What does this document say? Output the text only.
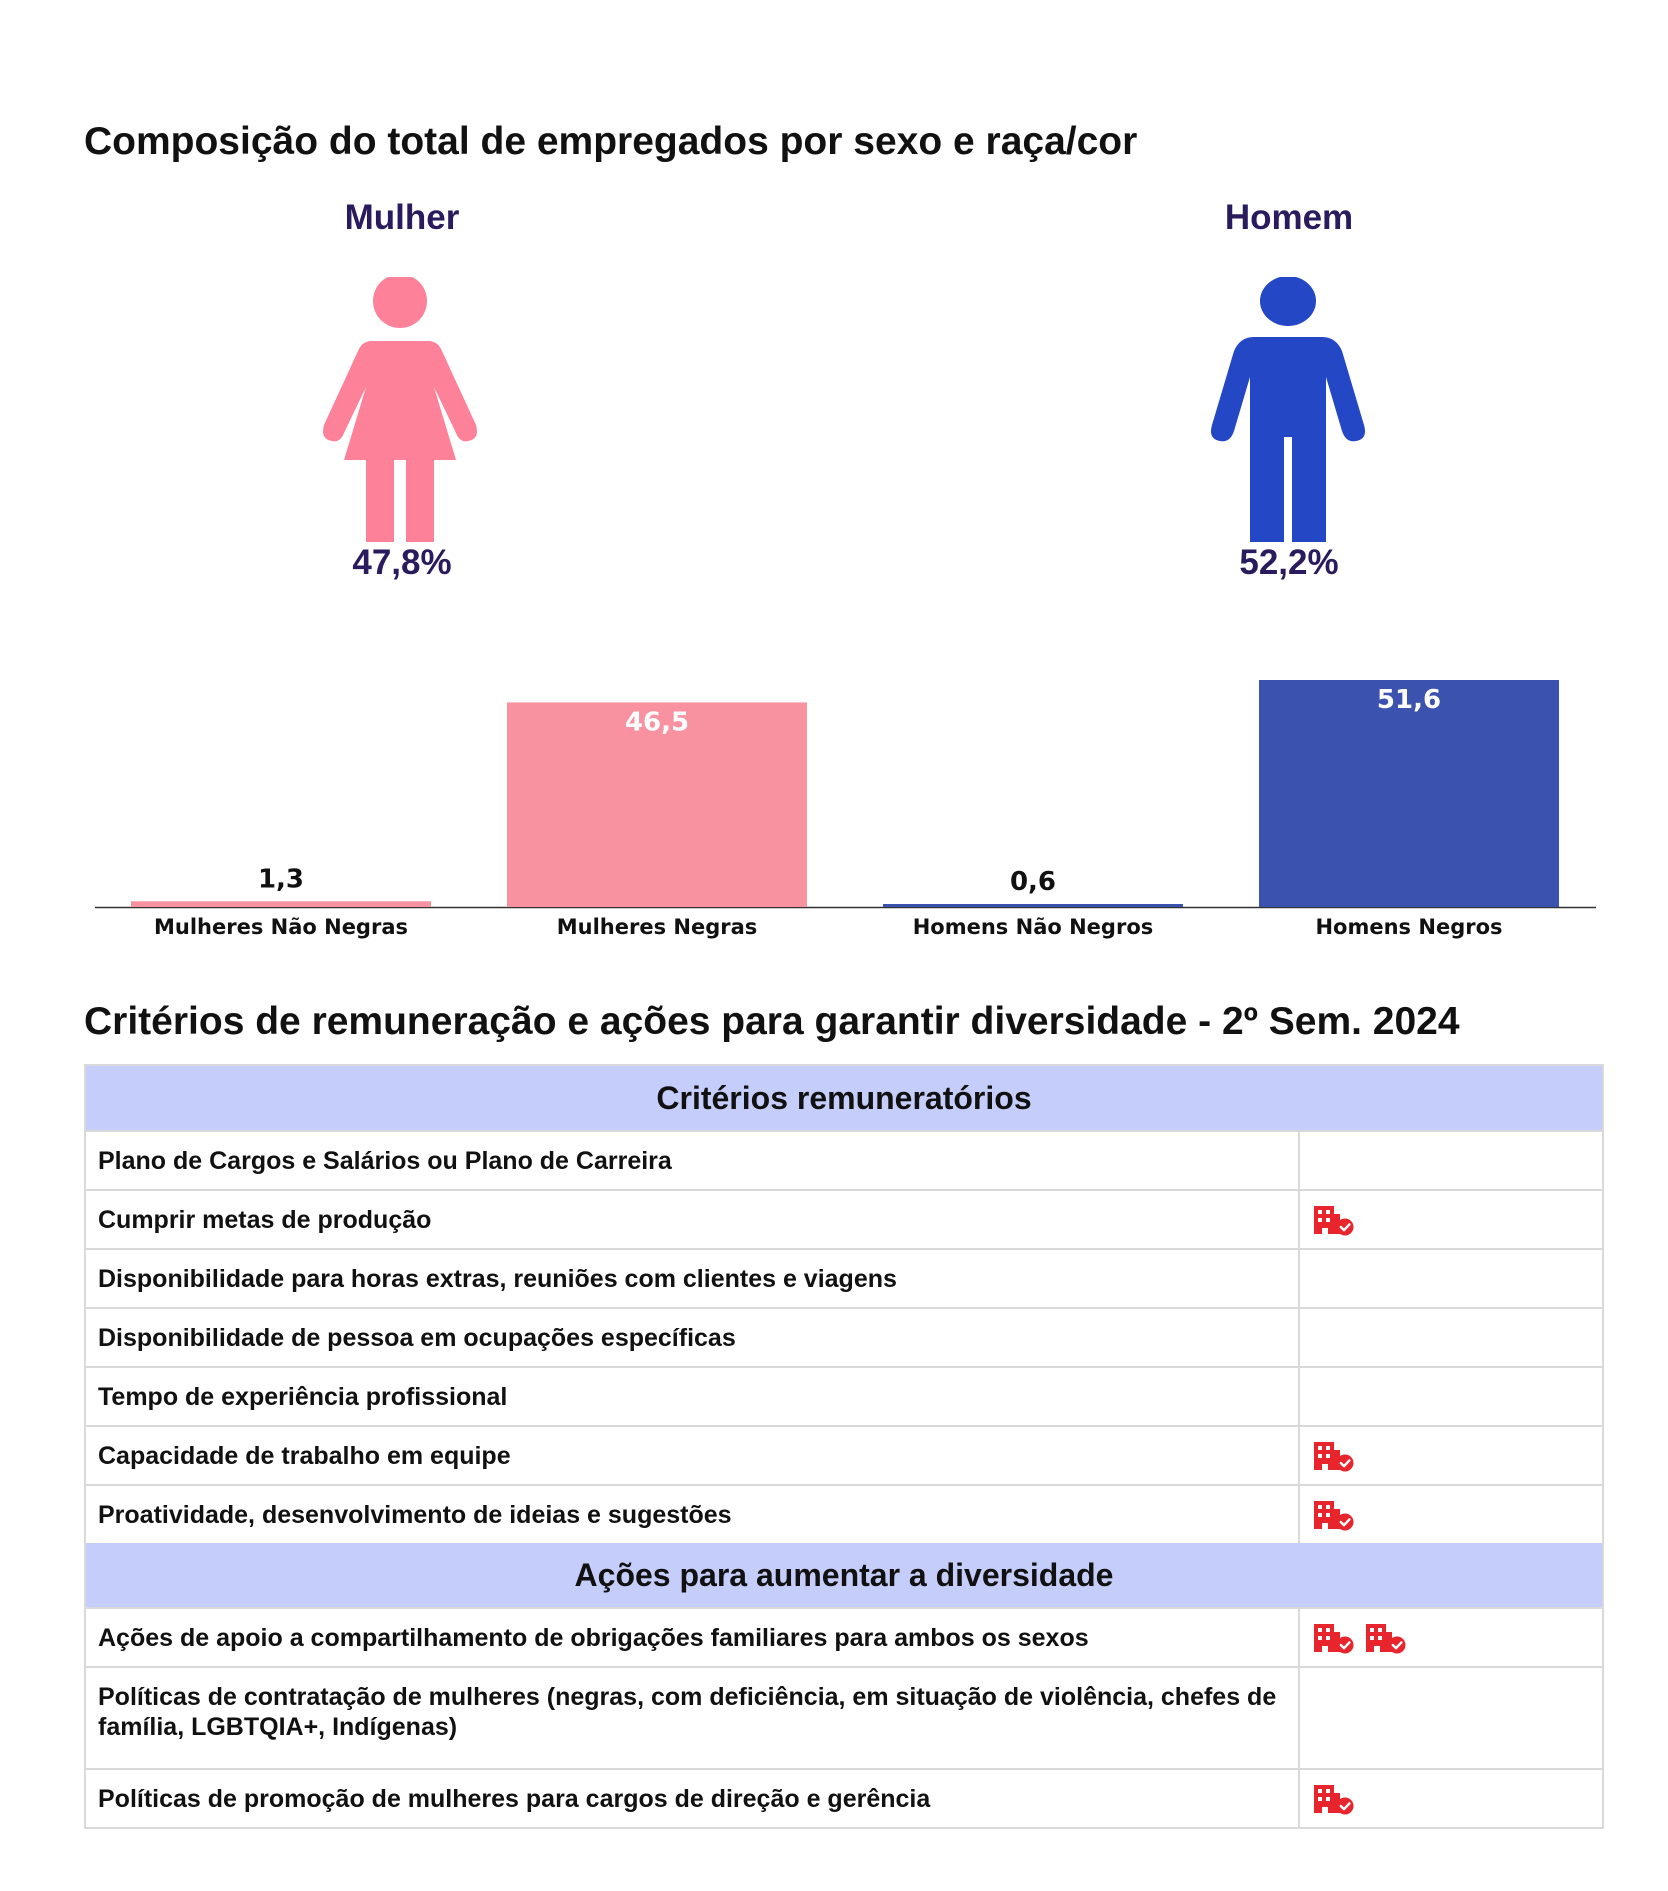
Composição do total de empregados por sexo e raça/cor
Mulher
47,8%
Homem
52,2%
1,3
Mulheres Não Negras
46,5
Mulheres Negras
0,6
Homens Não Negros
51,6
Homens Negros
Critérios de remuneração e ações para garantir diversidade - 2º Sem. 2024
Critérios remuneratórios
Plano de Cargos e Salários ou Plano de Carreira
Cumprir metas de produção
Disponibilidade para horas extras, reuniões com clientes e viagens
Disponibilidade de pessoa em ocupações específicas
Tempo de experiência profissional
Capacidade de trabalho em equipe
Proatividade, desenvolvimento de ideias e sugestões
Ações para aumentar a diversidade
Ações de apoio a compartilhamento de obrigações familiares para ambos os sexos
Políticas de contratação de mulheres (negras, com deficiência, em situação de violência, chefes de família, LGBTQIA+, Indígenas)
Políticas de promoção de mulheres para cargos de direção e gerência
